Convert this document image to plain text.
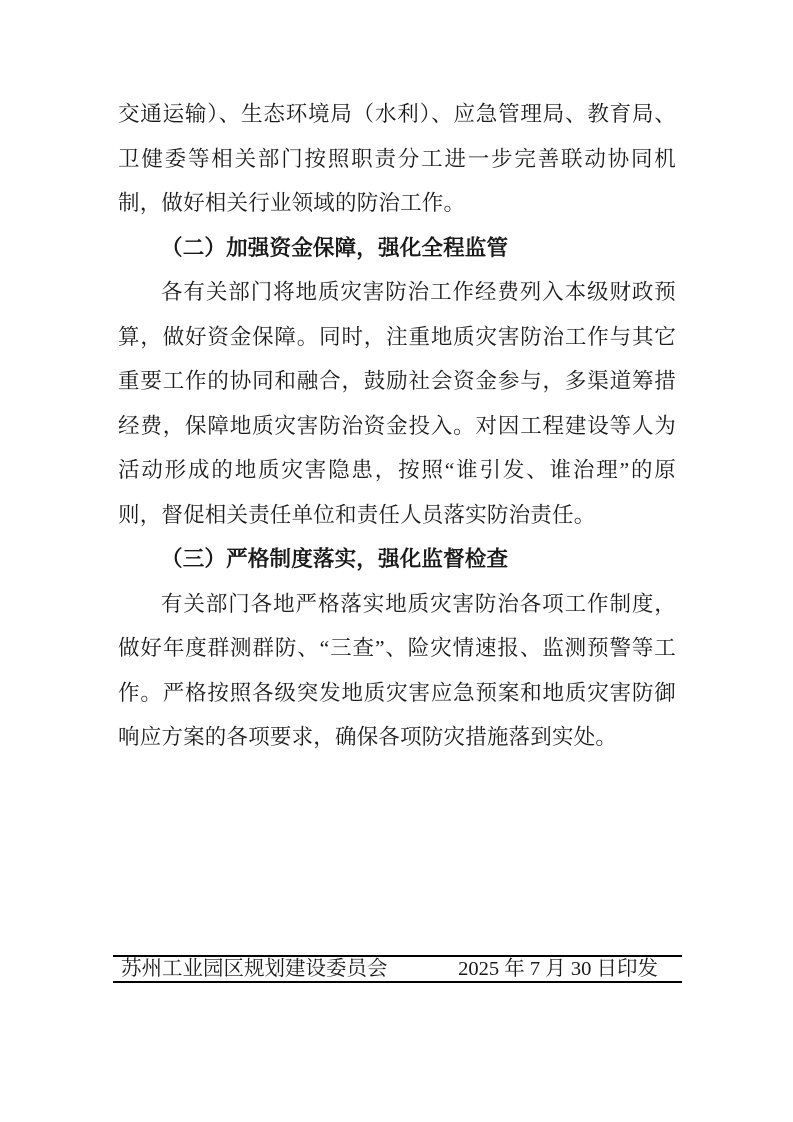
交通运输）、生态环境局（水利）、应急管理局、教育局、卫健委等相关部门按照职责分工进一步完善联动协同机制，做好相关行业领域的防治工作。

（二）加强资金保障，强化全程监管

各有关部门将地质灾害防治工作经费列入本级财政预算，做好资金保障。同时，注重地质灾害防治工作与其它重要工作的协同和融合，鼓励社会资金参与，多渠道筹措经费，保障地质灾害防治资金投入。对因工程建设等人为活动形成的地质灾害隐患，按照“谁引发、谁治理”的原则，督促相关责任单位和责任人员落实防治责任。

（三）严格制度落实，强化监督检查

有关部门各地严格落实地质灾害防治各项工作制度，做好年度群测群防、“三查”、险灾情速报、监测预警等工作。严格按照各级突发地质灾害应急预案和地质灾害防御响应方案的各项要求，确保各项防灾措施落到实处。

苏州工业园区规划建设委员会	2025 年 7 月 30 日印发
